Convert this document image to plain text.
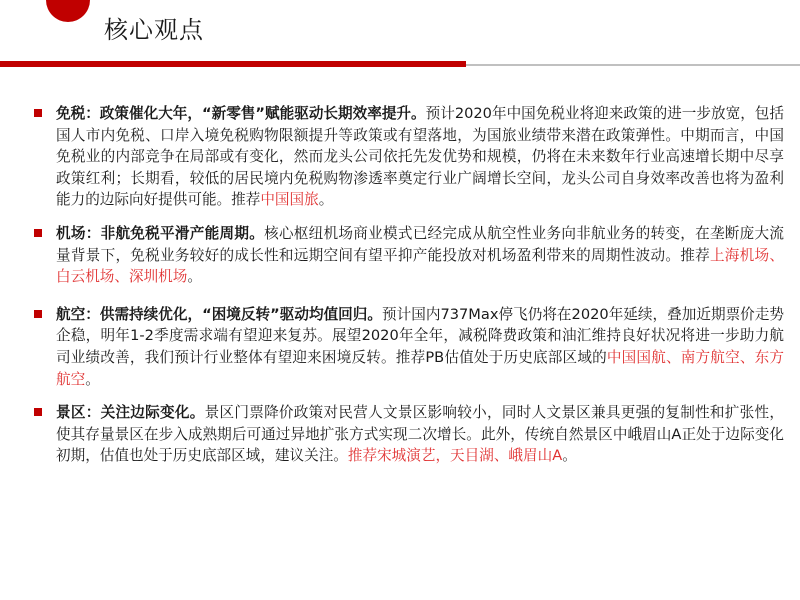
核心观点
免税：政策催化大年，“新零售”赋能驱动长期效率提升。预计2020年中国免税业将迎来政策的进一步放宽，包括国人市内免税、口岸入境免税购物限额提升等政策或有望落地，为国旅业绩带来潜在政策弹性。中期而言，中国免税业的内部竞争在局部或有变化，然而龙头公司依托先发优势和规模，仍将在未来数年行业高速增长期中尽享政策红利；长期看，较低的居民境内免税购物渗透率奠定行业广阔增长空间，龙头公司自身效率改善也将为盈利能力的边际向好提供可能。推荐中国国旅。
机场：非航免税平滑产能周期。核心枢纽机场商业模式已经完成从航空性业务向非航业务的转变，在垄断庞大流量背景下，免税业务较好的成长性和远期空间有望平抑产能投放对机场盈利带来的周期性波动。推荐上海机场、白云机场、深圳机场。
航空：供需持续优化，“困境反转”驱动均值回归。预计国内737Max停飞仍将在2020年延续，叠加近期票价走势企稳，明年1-2季度需求端有望迎来复苏。展望2020年全年，减税降费政策和油汇维持良好状况将进一步助力航司业绩改善，我们预计行业整体有望迎来困境反转。推荐PB估值处于历史底部区域的中国国航、南方航空、东方航空。
景区：关注边际变化。景区门票降价政策对民营人文景区影响较小，同时人文景区兼具更强的复制性和扩张性，使其存量景区在步入成熟期后可通过异地扩张方式实现二次增长。此外，传统自然景区中峨眉山A正处于边际变化初期，估值也处于历史底部区域，建议关注。推荐宋城演艺，天目湖、峨眉山A。
